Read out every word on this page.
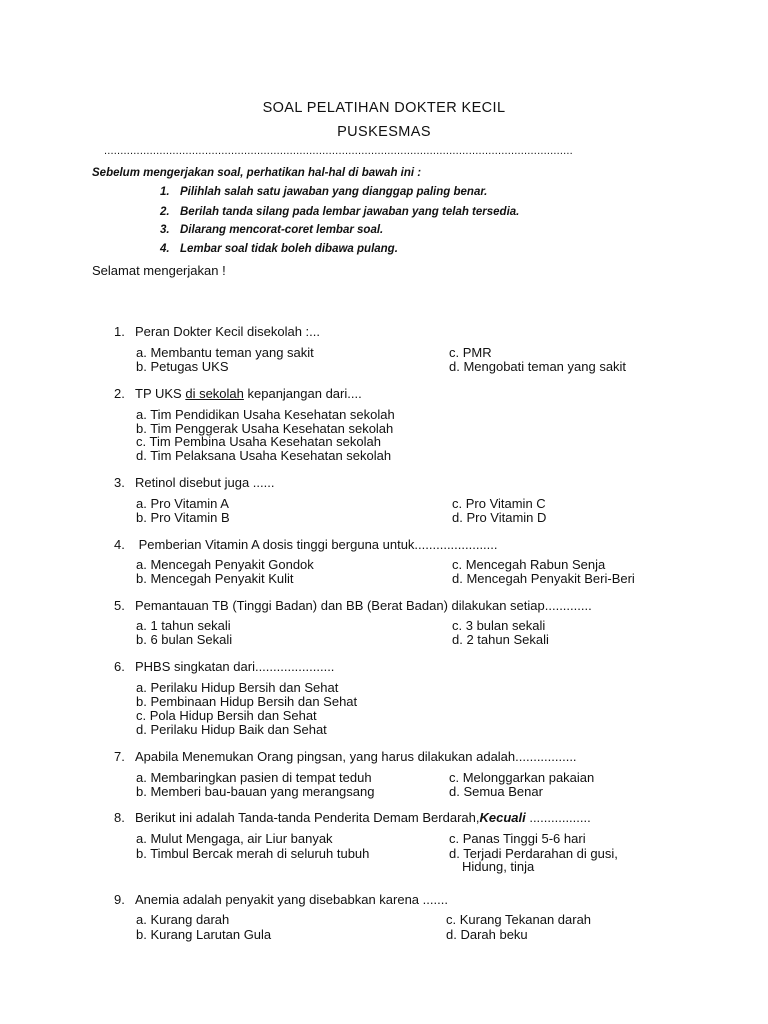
SOAL PELATIHAN DOKTER KECIL
PUSKESMAS
................................................................................................................................................
Sebelum mengerjakan soal, perhatikan hal-hal di bawah ini :
1. Pilihlah salah satu jawaban yang dianggap paling benar.
2. Berilah tanda silang pada lembar jawaban yang telah tersedia.
3. Dilarang mencorat-coret lembar soal.
4. Lembar soal tidak boleh dibawa pulang.
Selamat mengerjakan !
1. Peran Dokter Kecil disekolah :...
a. Membantu teman yang sakit
b. Petugas UKS
c. PMR
d. Mengobati teman yang sakit
2. TP UKS di sekolah kepanjangan dari....
a. Tim Pendidikan Usaha Kesehatan sekolah
b. Tim Penggerak Usaha Kesehatan sekolah
c. Tim Pembina Usaha Kesehatan sekolah
d. Tim Pelaksana Usaha Kesehatan sekolah
3. Retinol disebut juga ......
a. Pro Vitamin A
b. Pro Vitamin B
c. Pro Vitamin C
d. Pro Vitamin D
4. Pemberian Vitamin A dosis tinggi berguna untuk.......................
a. Mencegah Penyakit Gondok
b. Mencegah Penyakit Kulit
c. Mencegah Rabun Senja
d. Mencegah Penyakit Beri-Beri
5. Pemantauan TB (Tinggi Badan) dan BB (Berat Badan) dilakukan setiap.............
a. 1 tahun sekali
b. 6 bulan Sekali
c. 3 bulan sekali
d. 2 tahun Sekali
6. PHBS singkatan dari......................
a. Perilaku Hidup Bersih dan Sehat
b. Pembinaan Hidup Bersih dan Sehat
c. Pola Hidup Bersih dan Sehat
d. Perilaku Hidup Baik dan Sehat
7. Apabila Menemukan Orang pingsan, yang harus dilakukan adalah.................
a. Membaringkan pasien di tempat teduh
b. Memberi bau-bauan yang merangsang
c. Melonggarkan pakaian
d. Semua Benar
8. Berikut ini adalah Tanda-tanda Penderita Demam Berdarah,Kecuali .................
a. Mulut Mengaga, air Liur banyak
b. Timbul Bercak merah di seluruh tubuh
c. Panas Tinggi 5-6 hari
d. Terjadi Perdarahan di gusi,
Hidung, tinja
9. Anemia adalah penyakit yang disebabkan karena .......
a. Kurang darah
b. Kurang Larutan Gula
c. Kurang Tekanan darah
d. Darah beku
